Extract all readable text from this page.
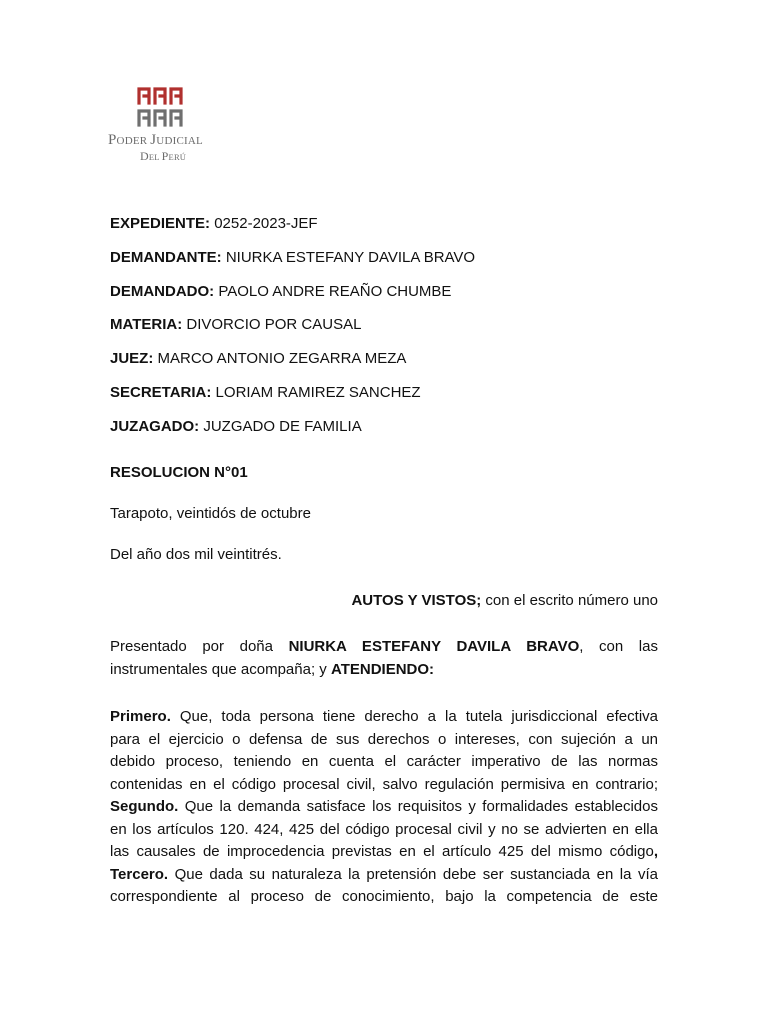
PODER JUDICIAL
DEL PERÚ
EXPEDIENTE: 0252-2023-JEF
DEMANDANTE: NIURKA ESTEFANY DAVILA BRAVO
DEMANDADO: PAOLO ANDRE REAÑO CHUMBE
MATERIA: DIVORCIO POR CAUSAL
JUEZ: MARCO ANTONIO ZEGARRA MEZA
SECRETARIA: LORIAM RAMIREZ SANCHEZ
JUZAGADO: JUZGADO DE FAMILIA
RESOLUCION N°01
Tarapoto, veintidós de octubre
Del año dos mil veintitrés.
AUTOS Y VISTOS; con el escrito número uno
Presentado por doña NIURKA ESTEFANY DAVILA BRAVO, con las
instrumentales que acompaña; y ATENDIENDO:
Primero. Que, toda persona tiene derecho a la tutela jurisdiccional efectiva
para el ejercicio o defensa de sus derechos o intereses, con sujeción a un
debido proceso, teniendo en cuenta el carácter imperativo de las normas
contenidas en el código procesal civil, salvo regulación permisiva en contrario;
Segundo. Que la demanda satisface los requisitos y formalidades establecidos
en los artículos 120. 424, 425 del código procesal civil y no se advierten en ella
las causales de improcedencia previstas en el artículo 425 del mismo código,
Tercero. Que dada su naturaleza la pretensión debe ser sustanciada en la vía
correspondiente al proceso de conocimiento, bajo la competencia de este
